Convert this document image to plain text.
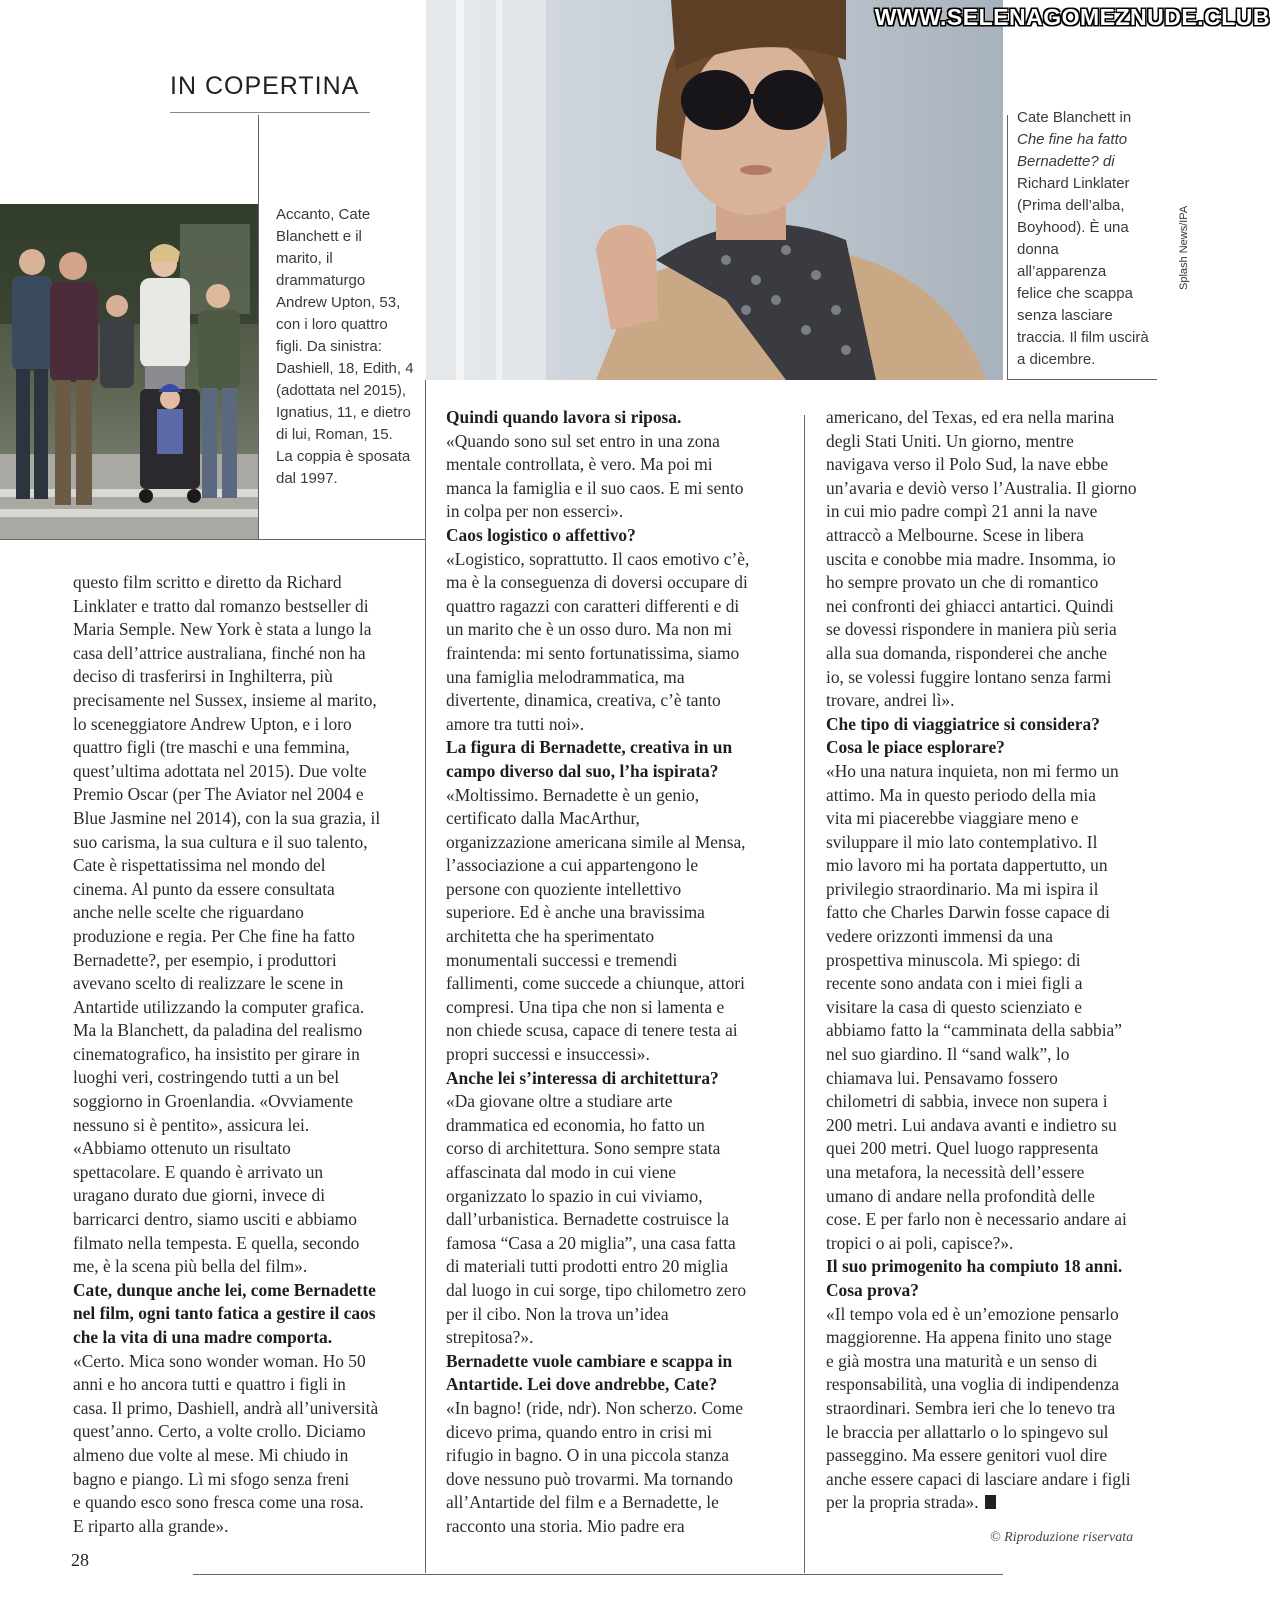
IN COPERTINA
Accanto, Cate
Blanchett e il
marito, il
drammaturgo
Andrew Upton, 53,
con i loro quattro
figli. Da sinistra:
Dashiell, 18, Edith, 4
(adottata nel 2015),
Ignatius, 11, e dietro
di lui, Roman, 15.
La coppia è sposata
dal 1997.
Cate Blanchett in
Che fine ha fatto
Bernadette? di
Richard Linklater
(Prima dell’alba,
Boyhood). È una
donna all’apparenza
felice che scappa
senza lasciare
traccia. Il film uscirà
a dicembre.
Splash News/IPA
WWW.SELENAGOMEZNUDE.CLUB

questo film scritto e diretto da Richard

Linklater e tratto dal romanzo bestseller di

Maria Semple. New York è stata a lungo la

casa dell’attrice australiana, finché non ha

deciso di trasferirsi in Inghilterra, più

precisamente nel Sussex, insieme al marito,

lo sceneggiatore Andrew Upton, e i loro

quattro figli (tre maschi e una femmina,

quest’ultima adottata nel 2015). Due volte

Premio Oscar (per The Aviator nel 2004 e

Blue Jasmine nel 2014), con la sua grazia, il

suo carisma, la sua cultura e il suo talento,

Cate è rispettatissima nel mondo del

cinema. Al punto da essere consultata

anche nelle scelte che riguardano

produzione e regia. Per Che fine ha fatto

Bernadette?, per esempio, i produttori

avevano scelto di realizzare le scene in

Antartide utilizzando la computer grafica.

Ma la Blanchett, da paladina del realismo

cinematografico, ha insistito per girare in

luoghi veri, costringendo tutti a un bel

soggiorno in Groenlandia. «Ovviamente

nessuno si è pentito», assicura lei.

«Abbiamo ottenuto un risultato

spettacolare. E quando è arrivato un

uragano durato due giorni, invece di

barricarci dentro, siamo usciti e abbiamo

filmato nella tempesta. E quella, secondo

me, è la scena più bella del film».

Cate, dunque anche lei, come Bernadette

nel film, ogni tanto fatica a gestire il caos

che la vita di una madre comporta.

«Certo. Mica sono wonder woman. Ho 50

anni e ho ancora tutti e quattro i figli in

casa. Il primo, Dashiell, andrà all’università

quest’anno. Certo, a volte crollo. Diciamo

almeno due volte al mese. Mi chiudo in

bagno e piango. Lì mi sfogo senza freni

e quando esco sono fresca come una rosa.

E riparto alla grande».

Quindi quando lavora si riposa.

«Quando sono sul set entro in una zona

mentale controllata, è vero. Ma poi mi

manca la famiglia e il suo caos. E mi sento

in colpa per non esserci».

Caos logistico o affettivo?

«Logistico, soprattutto. Il caos emotivo c’è,

ma è la conseguenza di doversi occupare di

quattro ragazzi con caratteri differenti e di

un marito che è un osso duro. Ma non mi

fraintenda: mi sento fortunatissima, siamo

una famiglia melodrammatica, ma

divertente, dinamica, creativa, c’è tanto

amore tra tutti noi».

La figura di Bernadette, creativa in un

campo diverso dal suo, l’ha ispirata?

«Moltissimo. Bernadette è un genio,

certificato dalla MacArthur,

organizzazione americana simile al Mensa,

l’associazione a cui appartengono le

persone con quoziente intellettivo

superiore. Ed è anche una bravissima

architetta che ha sperimentato

monumentali successi e tremendi

fallimenti, come succede a chiunque, attori

compresi. Una tipa che non si lamenta e

non chiede scusa, capace di tenere testa ai

propri successi e insuccessi».

Anche lei s’interessa di architettura?

«Da giovane oltre a studiare arte

drammatica ed economia, ho fatto un

corso di architettura. Sono sempre stata

affascinata dal modo in cui viene

organizzato lo spazio in cui viviamo,

dall’urbanistica. Bernadette costruisce la

famosa “Casa a 20 miglia”, una casa fatta

di materiali tutti prodotti entro 20 miglia

dal luogo in cui sorge, tipo chilometro zero

per il cibo. Non la trova un’idea

strepitosa?».

Bernadette vuole cambiare e scappa in

Antartide. Lei dove andrebbe, Cate?

«In bagno! (ride, ndr). Non scherzo. Come

dicevo prima, quando entro in crisi mi

rifugio in bagno. O in una piccola stanza

dove nessuno può trovarmi. Ma tornando

all’Antartide del film e a Bernadette, le

racconto una storia. Mio padre era

americano, del Texas, ed era nella marina

degli Stati Uniti. Un giorno, mentre

navigava verso il Polo Sud, la nave ebbe

un’avaria e deviò verso l’Australia. Il giorno

in cui mio padre compì 21 anni la nave

attraccò a Melbourne. Scese in libera

uscita e conobbe mia madre. Insomma, io

ho sempre provato un che di romantico

nei confronti dei ghiacci antartici. Quindi

se dovessi rispondere in maniera più seria

alla sua domanda, risponderei che anche

io, se volessi fuggire lontano senza farmi

trovare, andrei lì».

Che tipo di viaggiatrice si considera?

Cosa le piace esplorare?

«Ho una natura inquieta, non mi fermo un

attimo. Ma in questo periodo della mia

vita mi piacerebbe viaggiare meno e

sviluppare il mio lato contemplativo. Il

mio lavoro mi ha portata dappertutto, un

privilegio straordinario. Ma mi ispira il

fatto che Charles Darwin fosse capace di

vedere orizzonti immensi da una

prospettiva minuscola. Mi spiego: di

recente sono andata con i miei figli a

visitare la casa di questo scienziato e

abbiamo fatto la “camminata della sabbia”

nel suo giardino. Il “sand walk”, lo

chiamava lui. Pensavamo fossero

chilometri di sabbia, invece non supera i

200 metri. Lui andava avanti e indietro su

quei 200 metri. Quel luogo rappresenta

una metafora, la necessità dell’essere

umano di andare nella profondità delle

cose. E per farlo non è necessario andare ai

tropici o ai poli, capisce?».

Il suo primogenito ha compiuto 18 anni.

Cosa prova?

«Il tempo vola ed è un’emozione pensarlo

maggiorenne. Ha appena finito uno stage

e già mostra una maturità e un senso di

responsabilità, una voglia di indipendenza

straordinari. Sembra ieri che lo tenevo tra

le braccia per allattarlo o lo spingevo sul

passeggino. Ma essere genitori vuol dire

anche essere capaci di lasciare andare i figli

per la propria strada».

© Riproduzione riservata
28
